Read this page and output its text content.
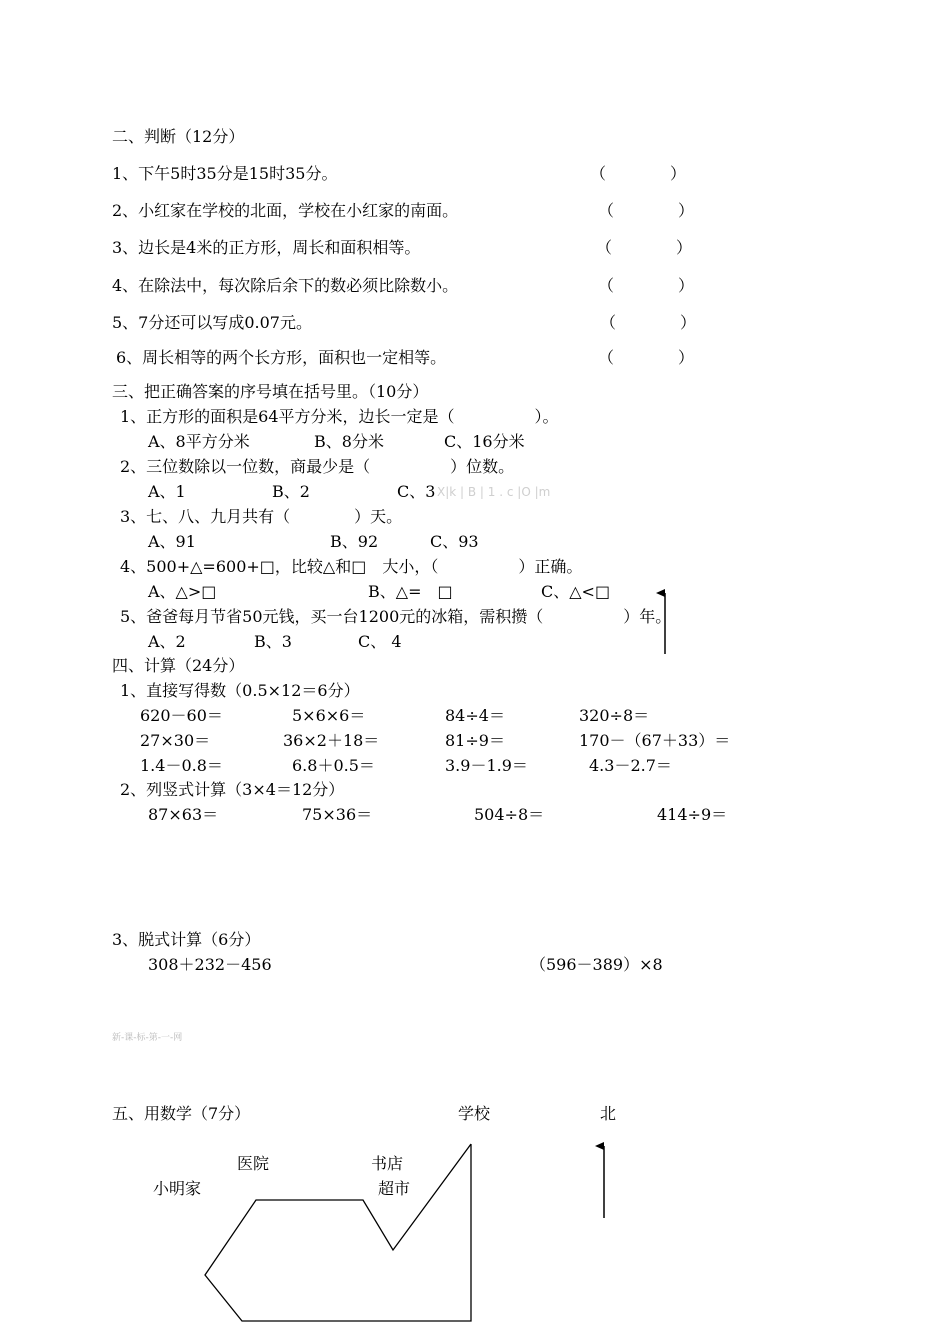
二、判断（12分）
1、下午5时35分是15时35分。	（　　　　）
2、小红家在学校的北面，学校在小红家的南面。	（　　　　）
3、边长是4米的正方形，周长和面积相等。	（　　　　）
4、在除法中，每次除后余下的数必须比除数小。	（　　　　）
5、7分还可以写成0.07元。	（　　　　）
6、周长相等的两个长方形，面积也一定相等。	（　　　　）
三、把正确答案的序号填在括号里。（10分）
1、正方形的面积是64平方分米，边长一定是（　　　　　）。
A、8平方分米	B、8分米	C、16分米
2、三位数除以一位数，商最少是（　　　　　）位数。
A、1	B、2	C、3 X|k | B | 1 . c |O |m
3、七、八、九月共有（　　　　）天。
A、91	B、92	C、93
4、500+△=600+□，比较△和□　大小，（　　　　　）正确。
A、△>□	B、△=　□	C、△<□
5、爸爸每月节省50元钱，买一台1200元的冰箱，需积攒（　　　　　）年。
A、2	B、3	C、 4
四、计算（24分）
1、直接写得数（0.5×12＝6分）
620－60＝	5×6×6＝	84÷4＝	320÷8＝
27×30＝	36×2＋18＝	81÷9＝	170－（67＋33）＝
1.4－0.8＝	6.8＋0.5＝	3.9－1.9＝	4.3－2.7＝
2、列竖式计算（3×4＝12分）
87×63＝	75×36＝	504÷8＝	414÷9＝
3、脱式计算（6分）
308＋232－456	（596－389）×8
新-课-标-第-一-网
五、用数学（7分）	学校	北
医院	书店
小明家	超市
